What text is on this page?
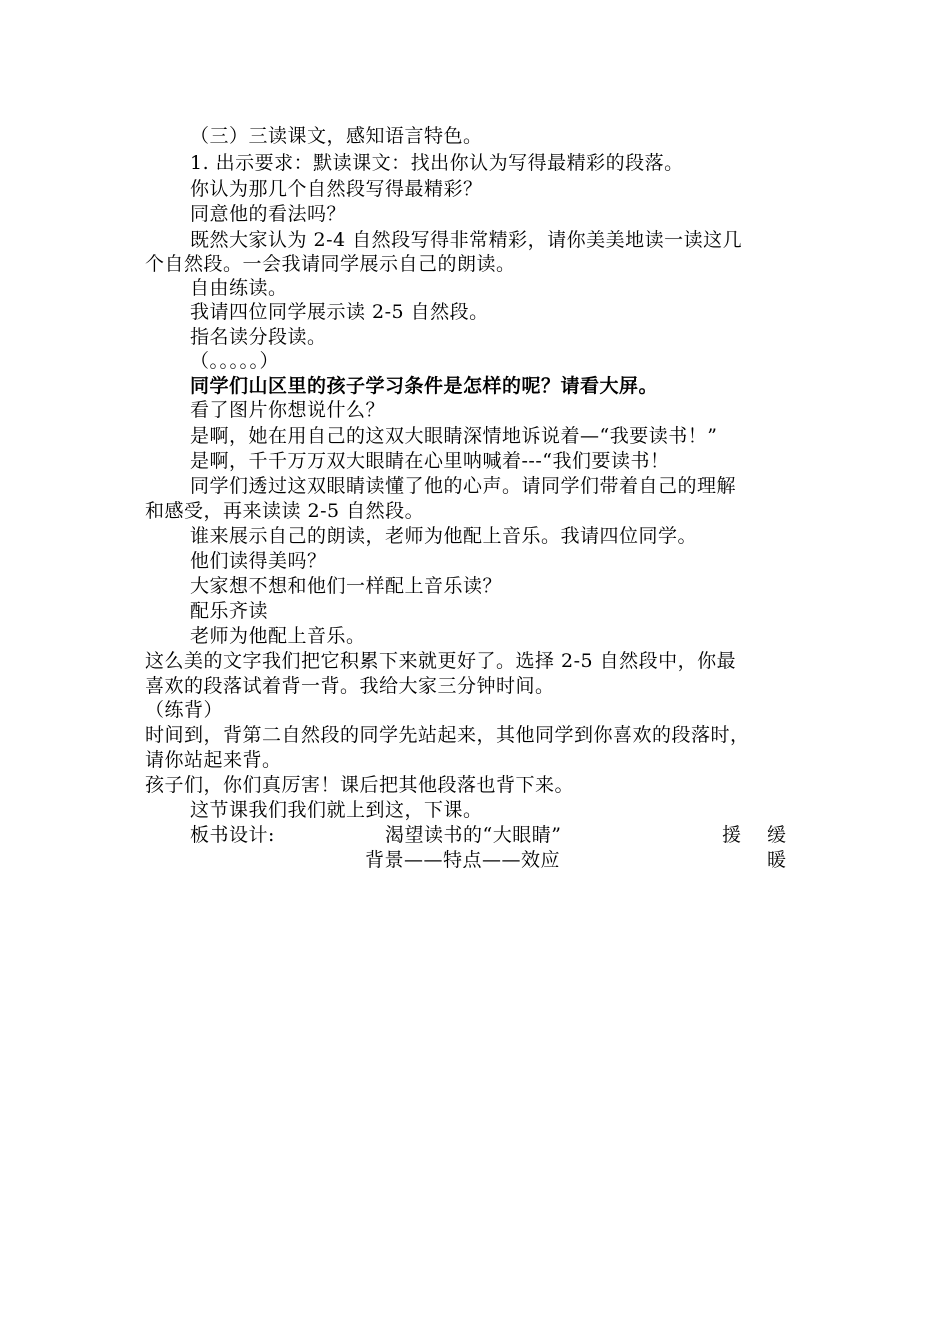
（三）三读课文，感知语言特色。
1. 出示要求：默读课文：找出你认为写得最精彩的段落。
你认为那几个自然段写得最精彩？
同意他的看法吗？
既然大家认为 2-4 自然段写得非常精彩，请你美美地读一读这几
个自然段。一会我请同学展示自己的朗读。
自由练读。
我请四位同学展示读 2-5 自然段。
指名读分段读。
（。。。。。）
同学们山区里的孩子学习条件是怎样的呢？请看大屏。
看了图片你想说什么？
是啊，她在用自己的这双大眼睛深情地诉说着—“我要读书！”
是啊，千千万万双大眼睛在心里呐喊着---“我们要读书！
同学们透过这双眼睛读懂了他的心声。请同学们带着自己的理解
和感受，再来读读 2-5 自然段。
谁来展示自己的朗读，老师为他配上音乐。我请四位同学。
他们读得美吗？
大家想不想和他们一样配上音乐读？
配乐齐读
老师为他配上音乐。
这么美的文字我们把它积累下来就更好了。选择 2-5 自然段中，你最
喜欢的段落试着背一背。我给大家三分钟时间。
（练背）
时间到，背第二自然段的同学先站起来，其他同学到你喜欢的段落时，
请你站起来背。
孩子们，你们真厉害！课后把其他段落也背下来。
这节课我们我们就上到这，下课。
板书设计:	渴望读书的“大眼睛”	援 缓
背景——特点——效应	暖
